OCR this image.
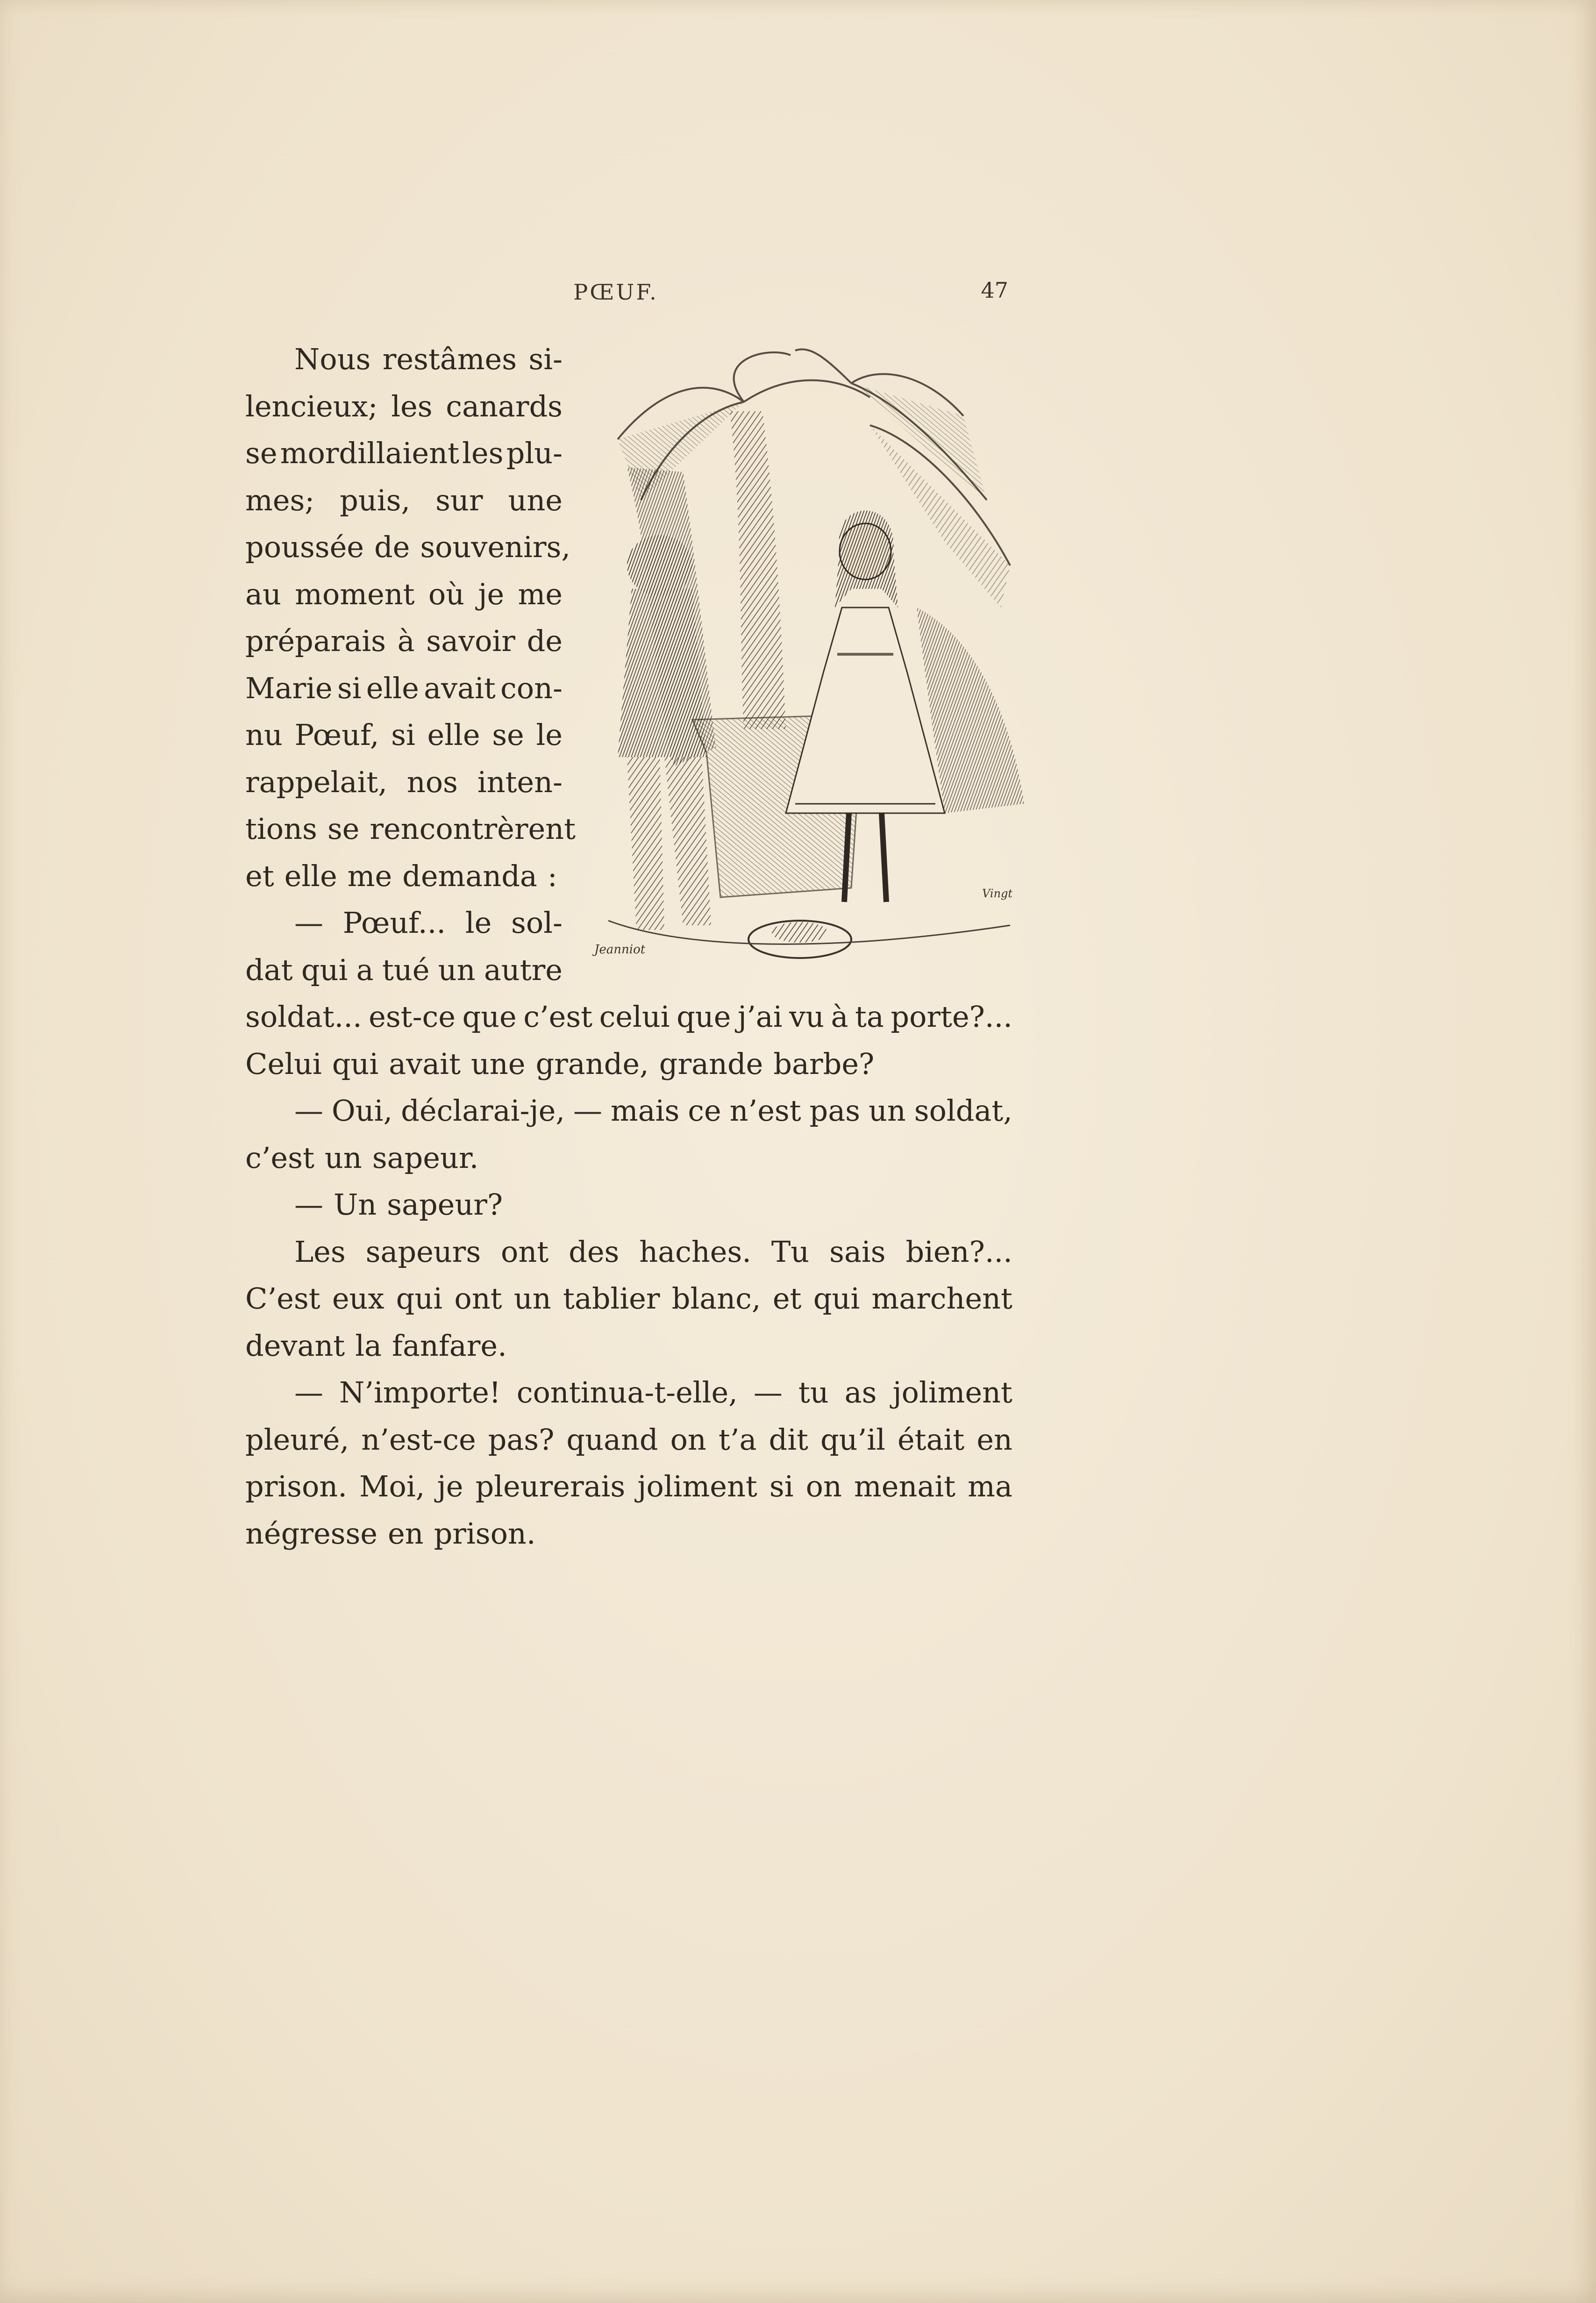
PŒUF.	47
Jeanniot
Vingt
Nous restâmes si-
lencieux; les canards
se mordillaient les plu-
mes; puis, sur une
poussée de souvenirs,
au moment où je me
préparais à savoir de
Marie si elle avait con-
nu Pœuf, si elle se le
rappelait, nos inten-
tions se rencontrèrent
et elle me demanda :
— Pœuf... le sol-
dat qui a tué un autre
soldat... est-ce que c’est celui que j’ai vu à ta porte?...
Celui qui avait une grande, grande barbe?
— Oui, déclarai-je, — mais ce n’est pas un soldat,
c’est un sapeur.
— Un sapeur?
Les sapeurs ont des haches. Tu sais bien?...
C’est eux qui ont un tablier blanc, et qui marchent
devant la fanfare.
— N’importe! continua-t-elle, — tu as joliment
pleuré, n’est-ce pas? quand on t’a dit qu’il était en
prison. Moi, je pleurerais joliment si on menait ma
négresse en prison.
